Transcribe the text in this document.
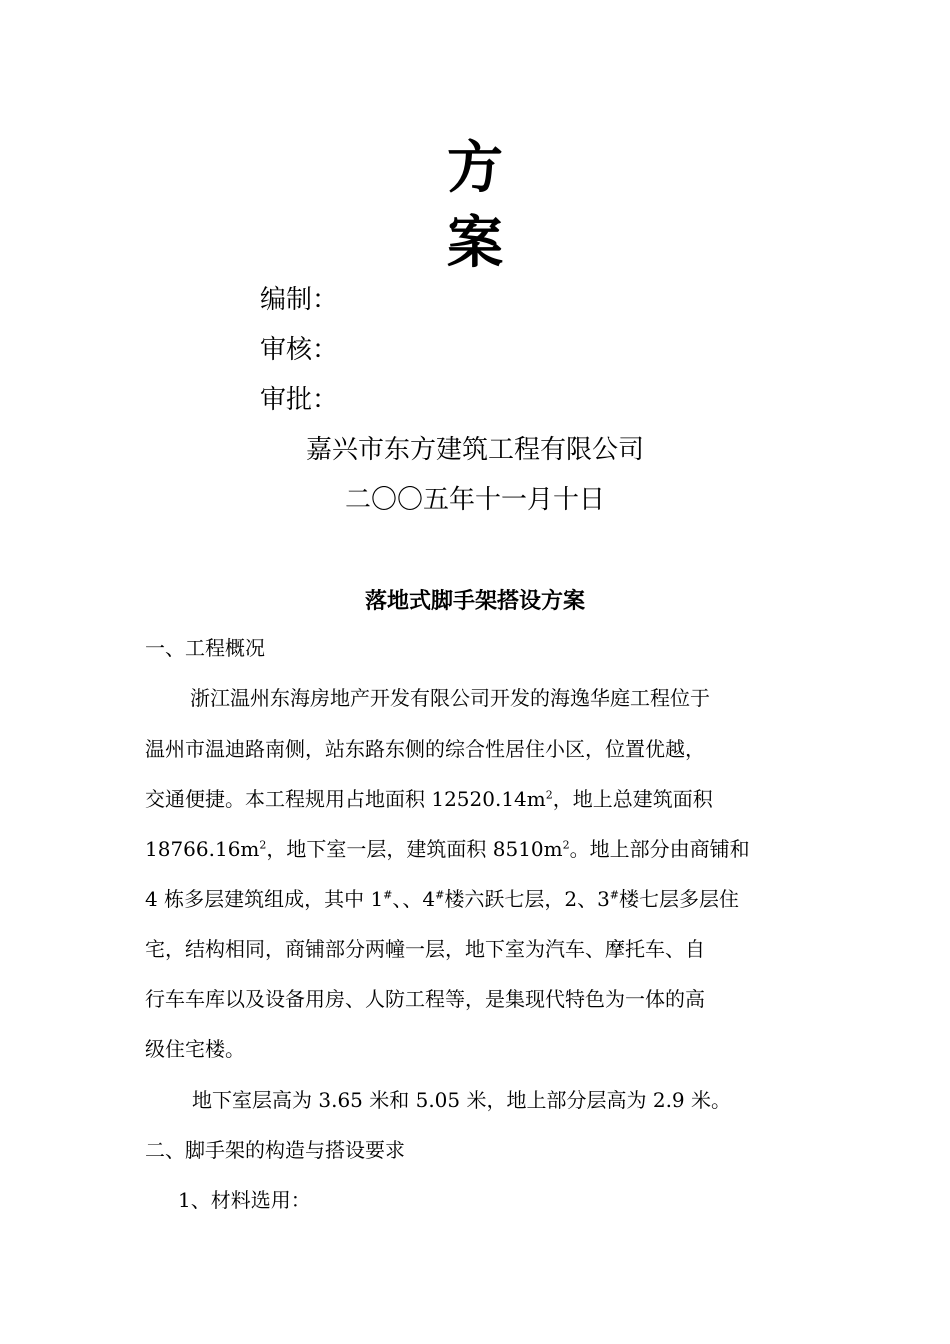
方
案
编制：
审核：
审批：
嘉兴市东方建筑工程有限公司
二〇〇五年十一月十日
落地式脚手架搭设方案
一、工程概况
浙江温州东海房地产开发有限公司开发的海逸华庭工程位于
温州市温迪路南侧，站东路东侧的综合性居住小区，位置优越，
交通便捷。本工程规用占地面积 $12520.14m^2$，地上总建筑面积
$18766.16m^2$，地下室一层，建筑面积 $8510m^2$。地上部分由商铺和
4 栋多层建筑组成，其中 1#、、4#楼六跃七层，2、3#楼七层多层住
宅，结构相同，商铺部分两幢一层，地下室为汽车、摩托车、自
行车车库以及设备用房、人防工程等，是集现代特色为一体的高
级住宅楼。
地下室层高为 3.65 米和 5.05 米，地上部分层高为 2.9 米。
二、脚手架的构造与搭设要求
1、材料选用：
